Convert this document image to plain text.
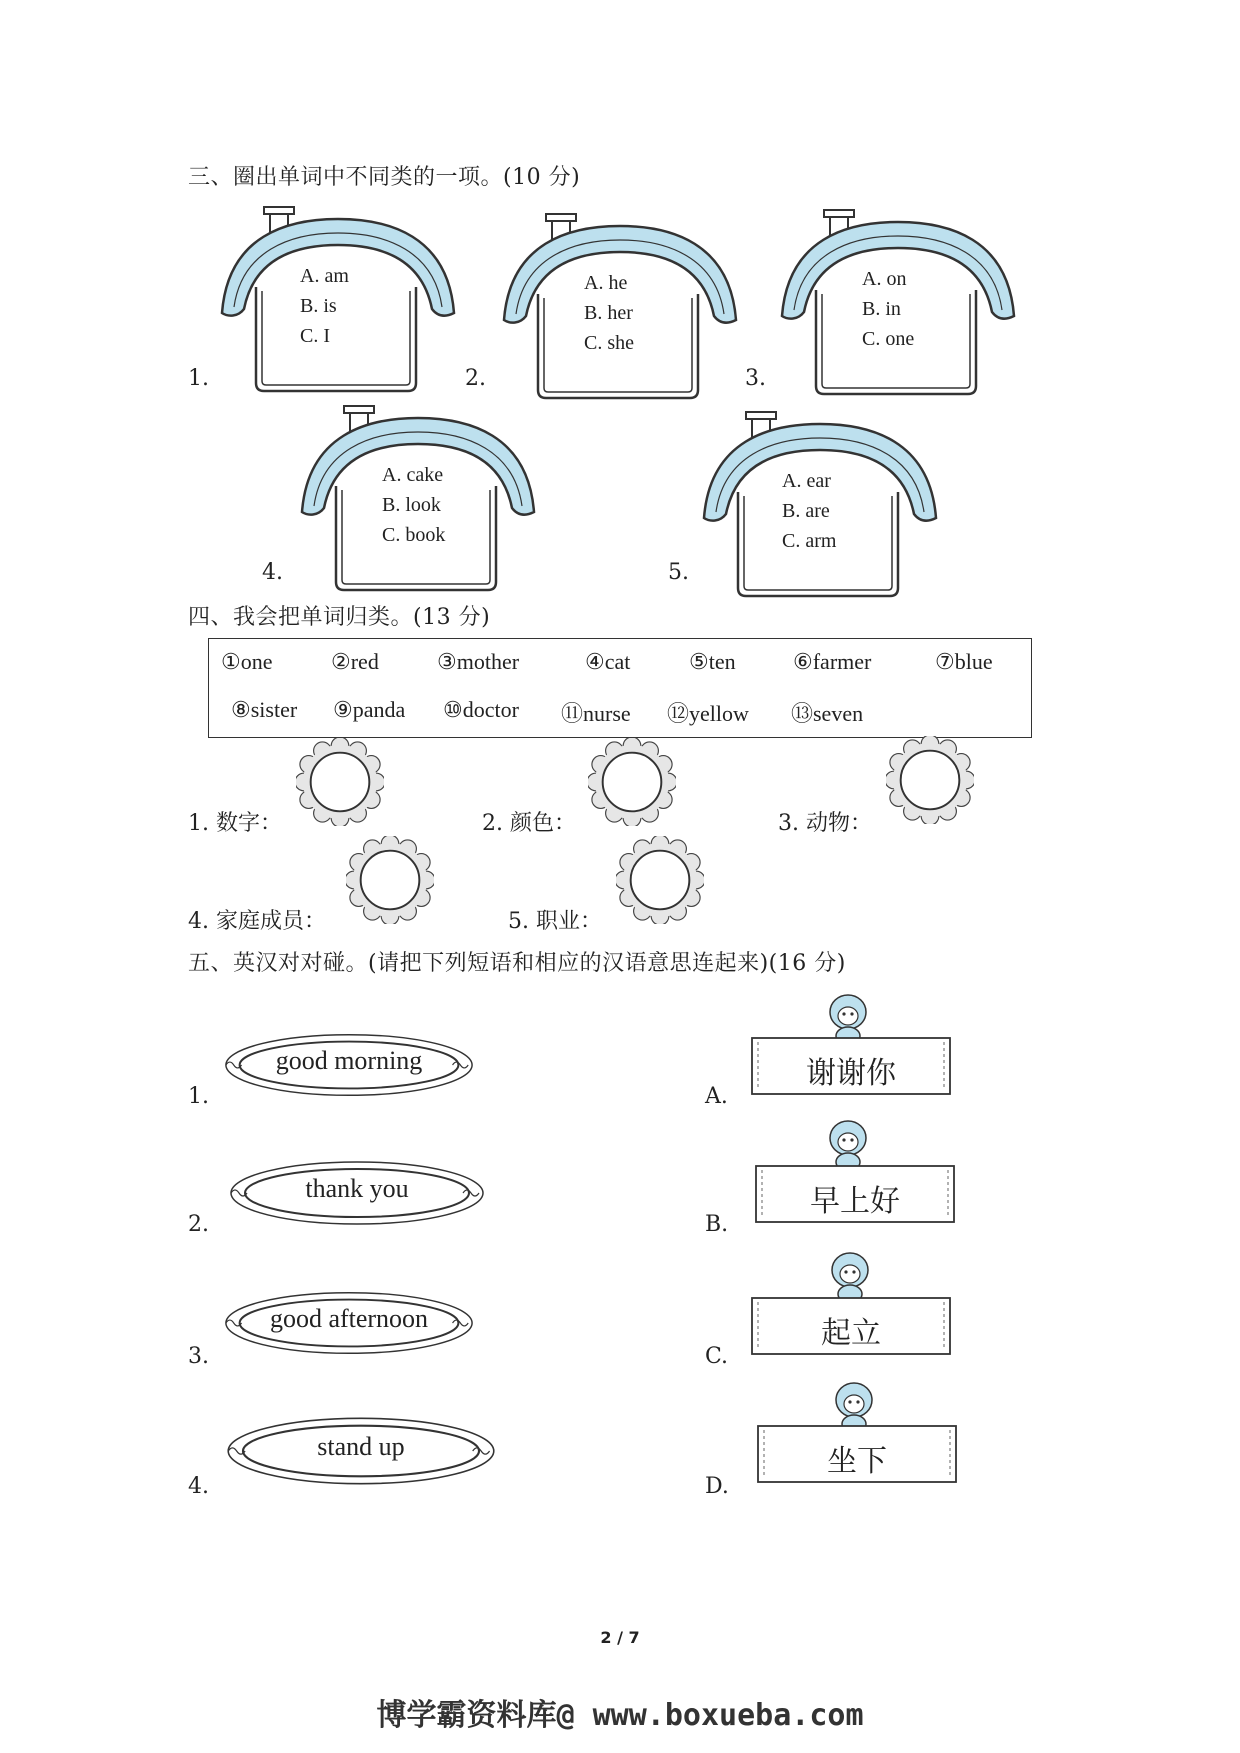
三、圈出单词中不同类的一项。(10 分)
A. am
B. is
C. I
1.
A. he
B. her
C. she
2.
A. on
B. in
C. one
3.
A. cake
B. look
C. book
4.
A. ear
B. are
C. arm
5.
四、我会把单词归类。(13 分)
①one	②red	③mother	④cat	⑤ten	⑥farmer	⑦blue
⑧sister ⑨panda ⑩doctor ⑪nurse ⑫yellow ⑬seven
1. 数字：	2. 颜色：	3. 动物：
4. 家庭成员：	5. 职业：
五、英汉对对碰。(请把下列短语和相应的汉语意思连起来)(16 分)
good morning
1.
thank you
2.
good afternoon
3.
stand up
4.
谢谢你
A.
早上好
B.
起立
C.
坐下
D.
2 / 7
博学霸资料库@ www.boxueba.com
